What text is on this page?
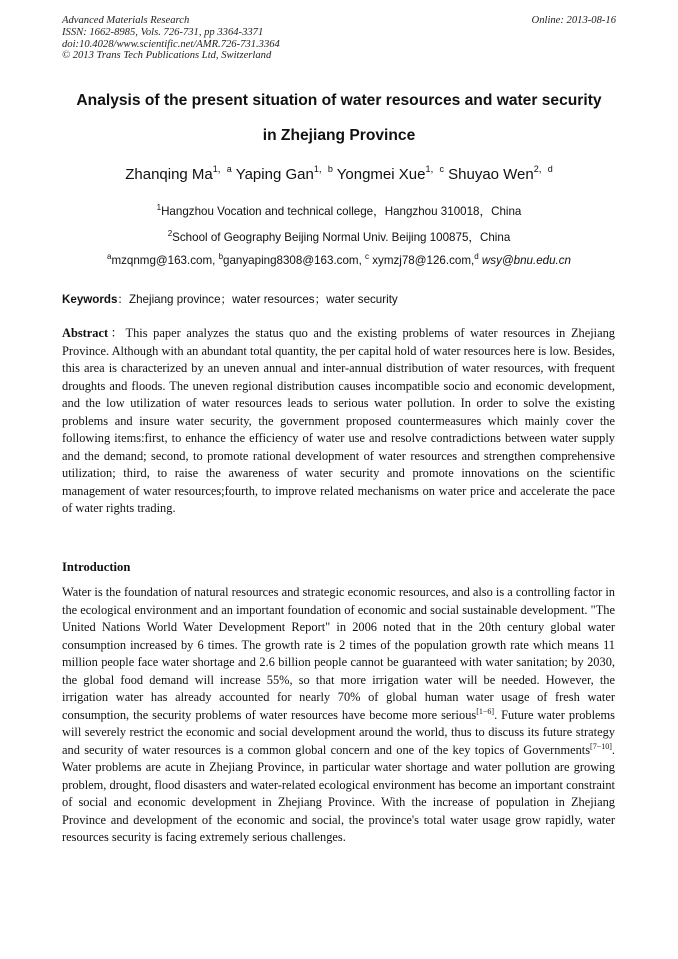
Advanced Materials Research
ISSN: 1662-8985, Vols. 726-731, pp 3364-3371
doi:10.4028/www.scientific.net/AMR.726-731.3364
© 2013 Trans Tech Publications Ltd, Switzerland
Online: 2013-08-16
Analysis of the present situation of water resources and water security
in Zhejiang Province
Zhanqing $Ma^{1,a}$ Yaping Gan$^{1,b}$ Yongmei Xue$^{1,c}$ Shuyao Wen$^{2,d}$
$^1$Hangzhou Vocation and technical college，Hangzhou 310018，China
$^2$School of Geography Beijing Normal Univ. Beijing 100875，China
$^a$mzqnmg@163.com, $^b$ganyaping8308@163.com, $^c$ xymzj78@126.com,$^d$ wsy@bnu.edu.cn
Keywords：Zhejiang province；water resources；water security
Abstract：This paper analyzes the status quo and the existing problems of water resources in Zhejiang Province. Although with an abundant total quantity, the per capital hold of water resources here is low. Besides, this area is characterized by an uneven annual and inter-annual distribution of water resources, with frequent droughts and floods. The uneven regional distribution causes incompatible socio and economic development, and the low utilization of water resources leads to serious water pollution. In order to solve the existing problems and insure water security, the government proposed countermeasures which mainly cover the following items:first, to enhance the efficiency of water use and resolve contradictions between water supply and the demand; second, to promote rational development of water resources and strengthen comprehensive utilization; third, to raise the awareness of water security and promote innovations on the scientific management of water resources;fourth, to improve related mechanisms on water price and accelerate the pace of water rights trading.
Introduction
Water is the foundation of natural resources and strategic economic resources, and also is a controlling factor in the ecological environment and an important foundation of economic and social sustainable development. "The United Nations World Water Development Report" in 2006 noted that in the 20th century global water consumption increased by 6 times. The growth rate is 2 times of the population growth rate which means 11 million people face water shortage and 2.6 billion people cannot be guaranteed with water sanitation; by 2030, the global food demand will increase 55%, so that more irrigation water will be needed. However, the irrigation water has already accounted for nearly 70% of global human water usage of fresh water consumption, the security problems of water resources have become more serious[1−6]. Future water problems will severely restrict the economic and social development around the world, thus to discuss its future strategy and security of water resources is a common global concern and one of the key topics of Governments[7−10]. Water problems are acute in Zhejiang Province, in particular water shortage and water pollution are growing problem, drought, flood disasters and water-related ecological environment has become an important constraint of social and economic development in Zhejiang Province. With the increase of population in Zhejiang Province and development of the economic and social, the province's total water usage grow rapidly, water resources security is facing extremely serious challenges.
